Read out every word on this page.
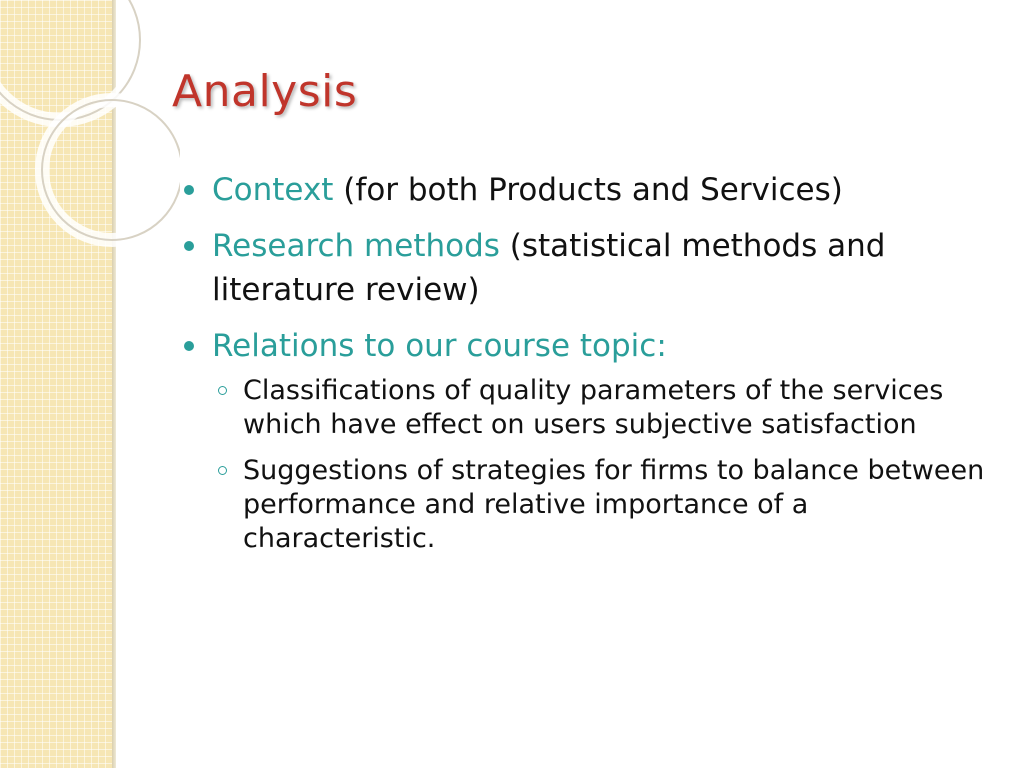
Analysis
Context (for both Products and Services)
Research methods (statistical methods and literature review)
Relations to our course topic:
Classifications of quality parameters of the services which have effect on users subjective satisfaction
Suggestions of strategies for firms to balance between performance and relative importance of a characteristic.
